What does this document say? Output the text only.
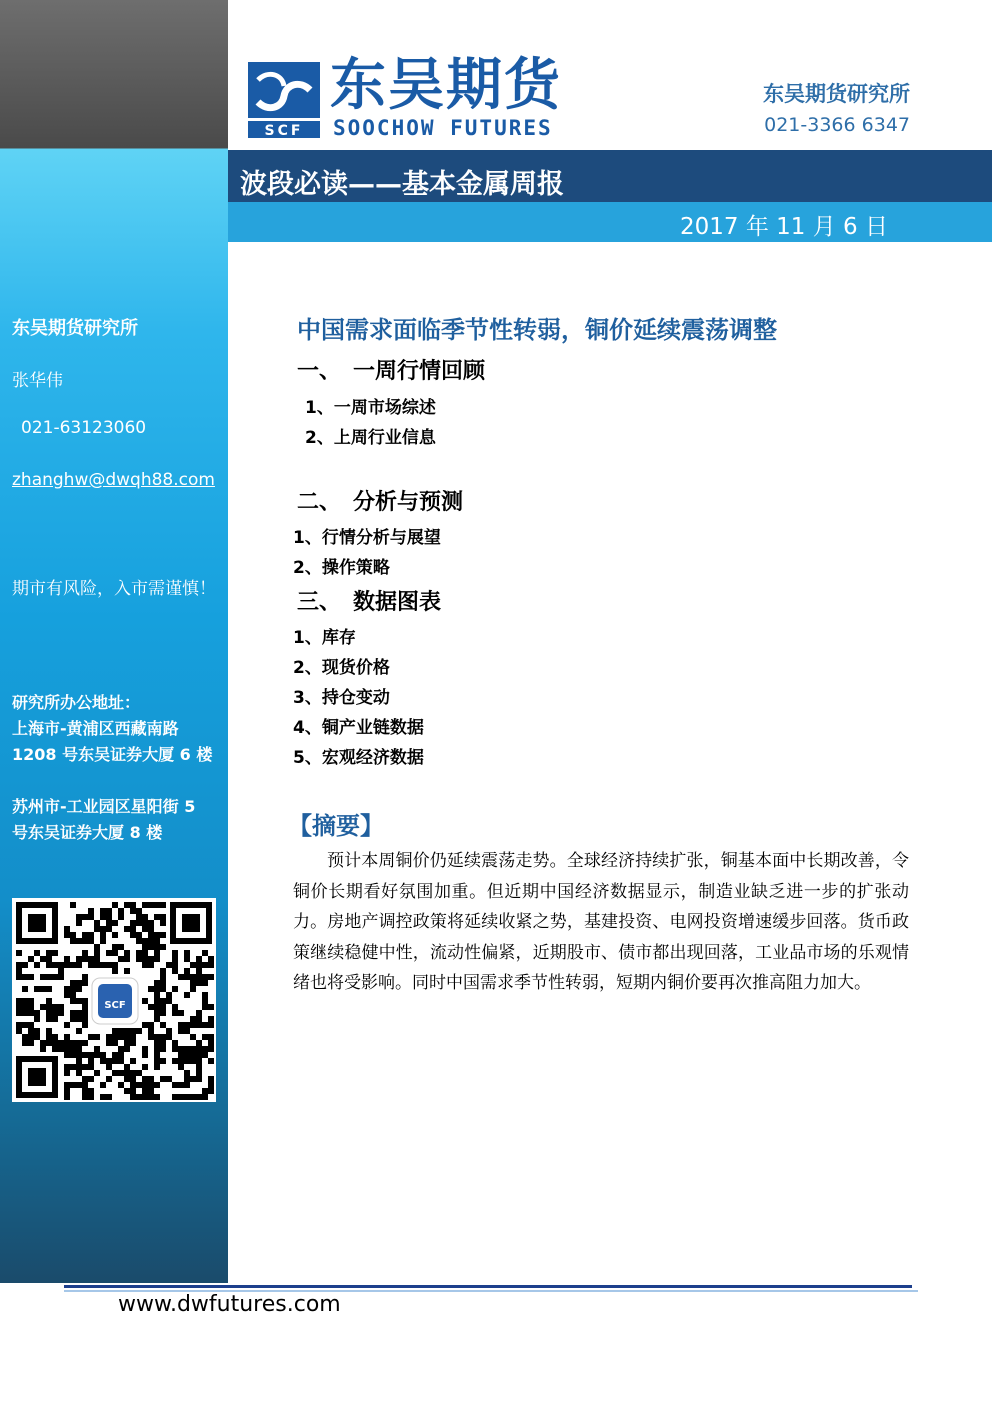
东吴期货研究所
张华伟
021-63123060
zhanghw@dwqh88.com
期市有风险，入市需谨慎！
研究所办公地址：
上海市-黄浦区西藏南路
1208 号东吴证券大厦 6 楼
苏州市-工业园区星阳街 5
号东吴证券大厦 8 楼
SCF
SCF
东吴期货
SOOCHOW FUTURES
东吴期货研究所
021-3366 6347
波段必读——基本金属周报
2017 年 11 月 6 日
中国需求面临季节性转弱，铜价延续震荡调整
一、 一周行情回顾
1、一周市场综述
2、上周行业信息
二、 分析与预测
1、行情分析与展望
2、操作策略
三、 数据图表
1、库存
2、现货价格
3、持仓变动
4、铜产业链数据
5、宏观经济数据
【摘要】
预计本周铜价仍延续震荡走势。全球经济持续扩张，铜基本面中长期改善，令铜价长期看好氛围加重。但近期中国经济数据显示，制造业缺乏进一步的扩张动力。房地产调控政策将延续收紧之势，基建投资、电网投资增速缓步回落。货币政策继续稳健中性，流动性偏紧，近期股市、债市都出现回落，工业品市场的乐观情绪也将受影响。同时中国需求季节性转弱，短期内铜价要再次推高阻力加大。
www.dwfutures.com
